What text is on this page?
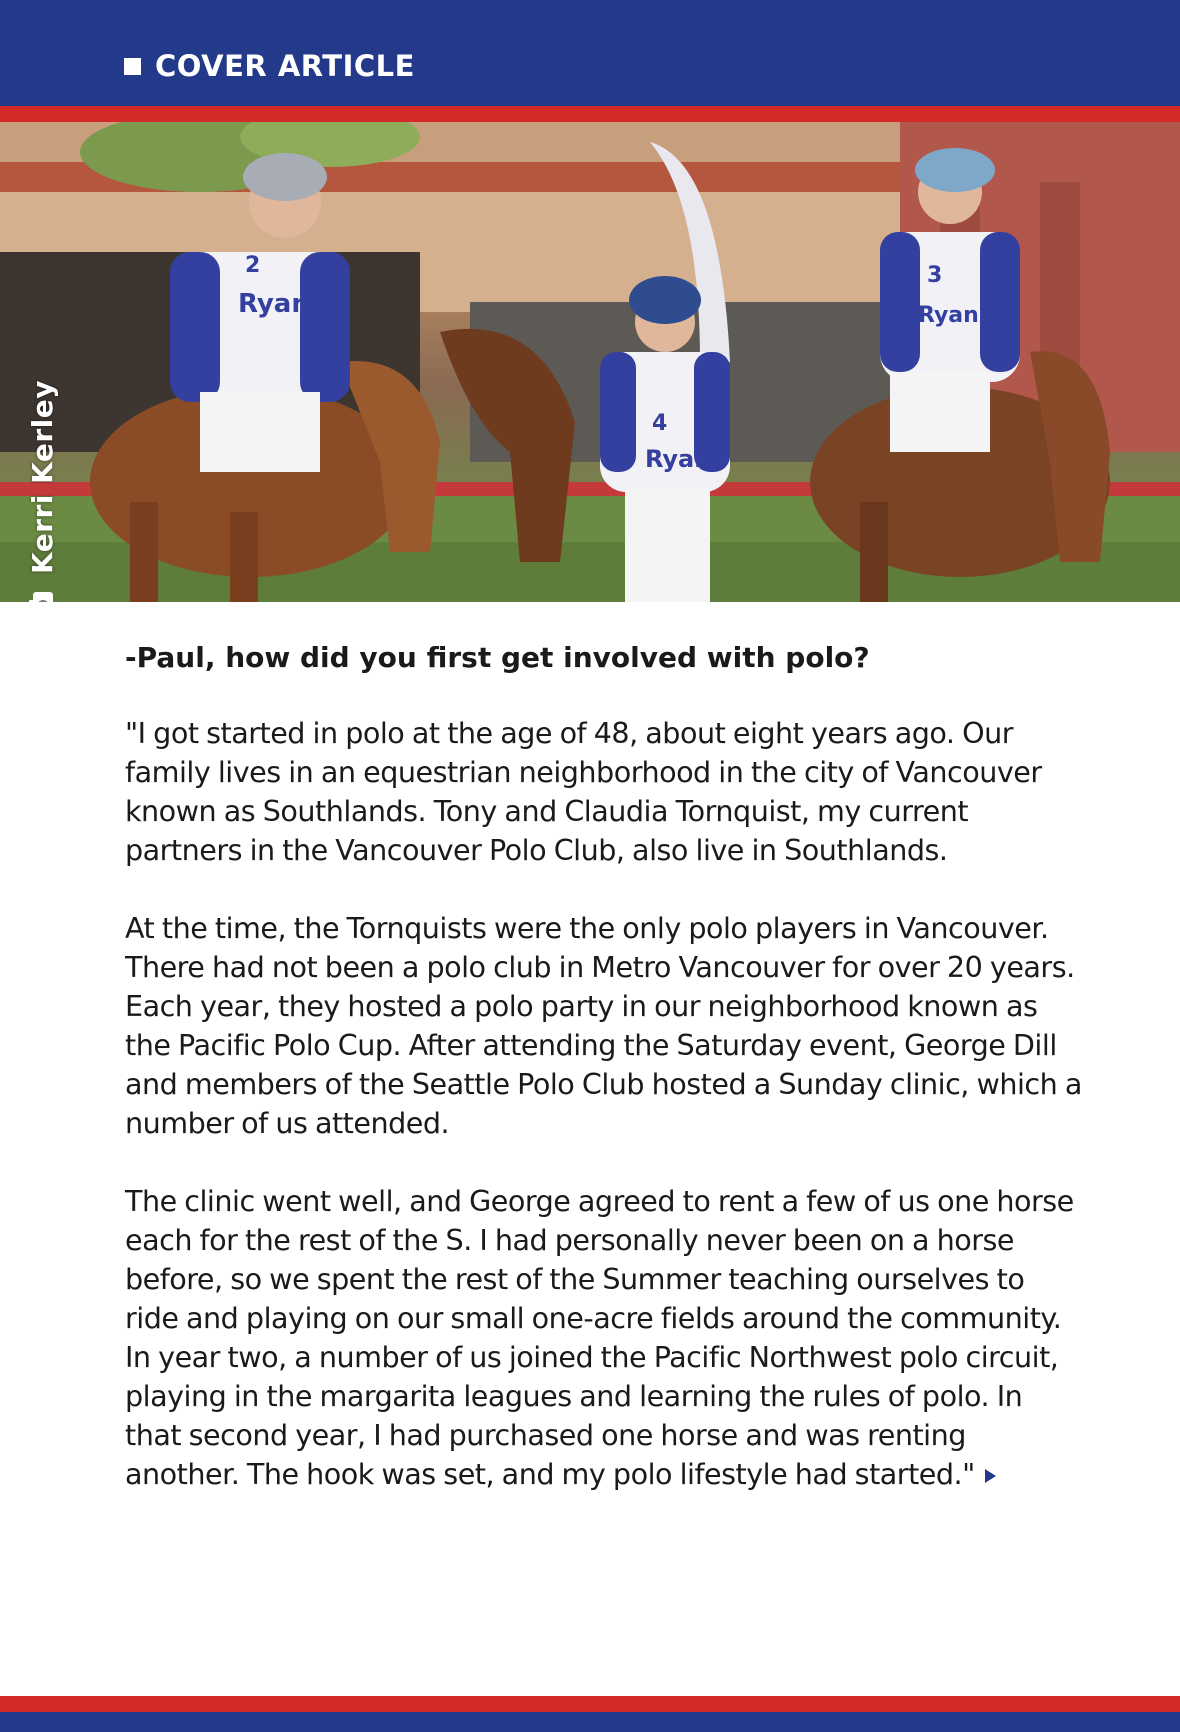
COVER ARTICLE
2
Ryan
4
Ryan
3
Ryan
Kerri Kerley

-Paul, how did you first get involved with polo?

"I got started in polo at the age of 48, about eight years ago. Our family lives in an equestrian neighborhood in the city of Vancouver known as Southlands. Tony and Claudia Tornquist, my current partners in the Vancouver Polo Club, also live in Southlands.

At the time, the Tornquists were the only polo players in Vancouver. There had not been a polo club in Metro Vancouver for over 20 years. Each year, they hosted a polo party in our neighborhood known as the Pacific Polo Cup. After attending the Saturday event, George Dill and members of the Seattle Polo Club hosted a Sunday clinic, which a number of us attended.

The clinic went well, and George agreed to rent a few of us one horse each for the rest of the S. I had personally never been on a horse before, so we spent the rest of the Summer teaching ourselves to ride and playing on our small one-acre fields around the community. In year two, a number of us joined the Pacific Northwest polo circuit, playing in the margarita leagues and learning the rules of polo. In that second year, I had purchased one horse and was renting another. The hook was set, and my polo lifestyle had started."
